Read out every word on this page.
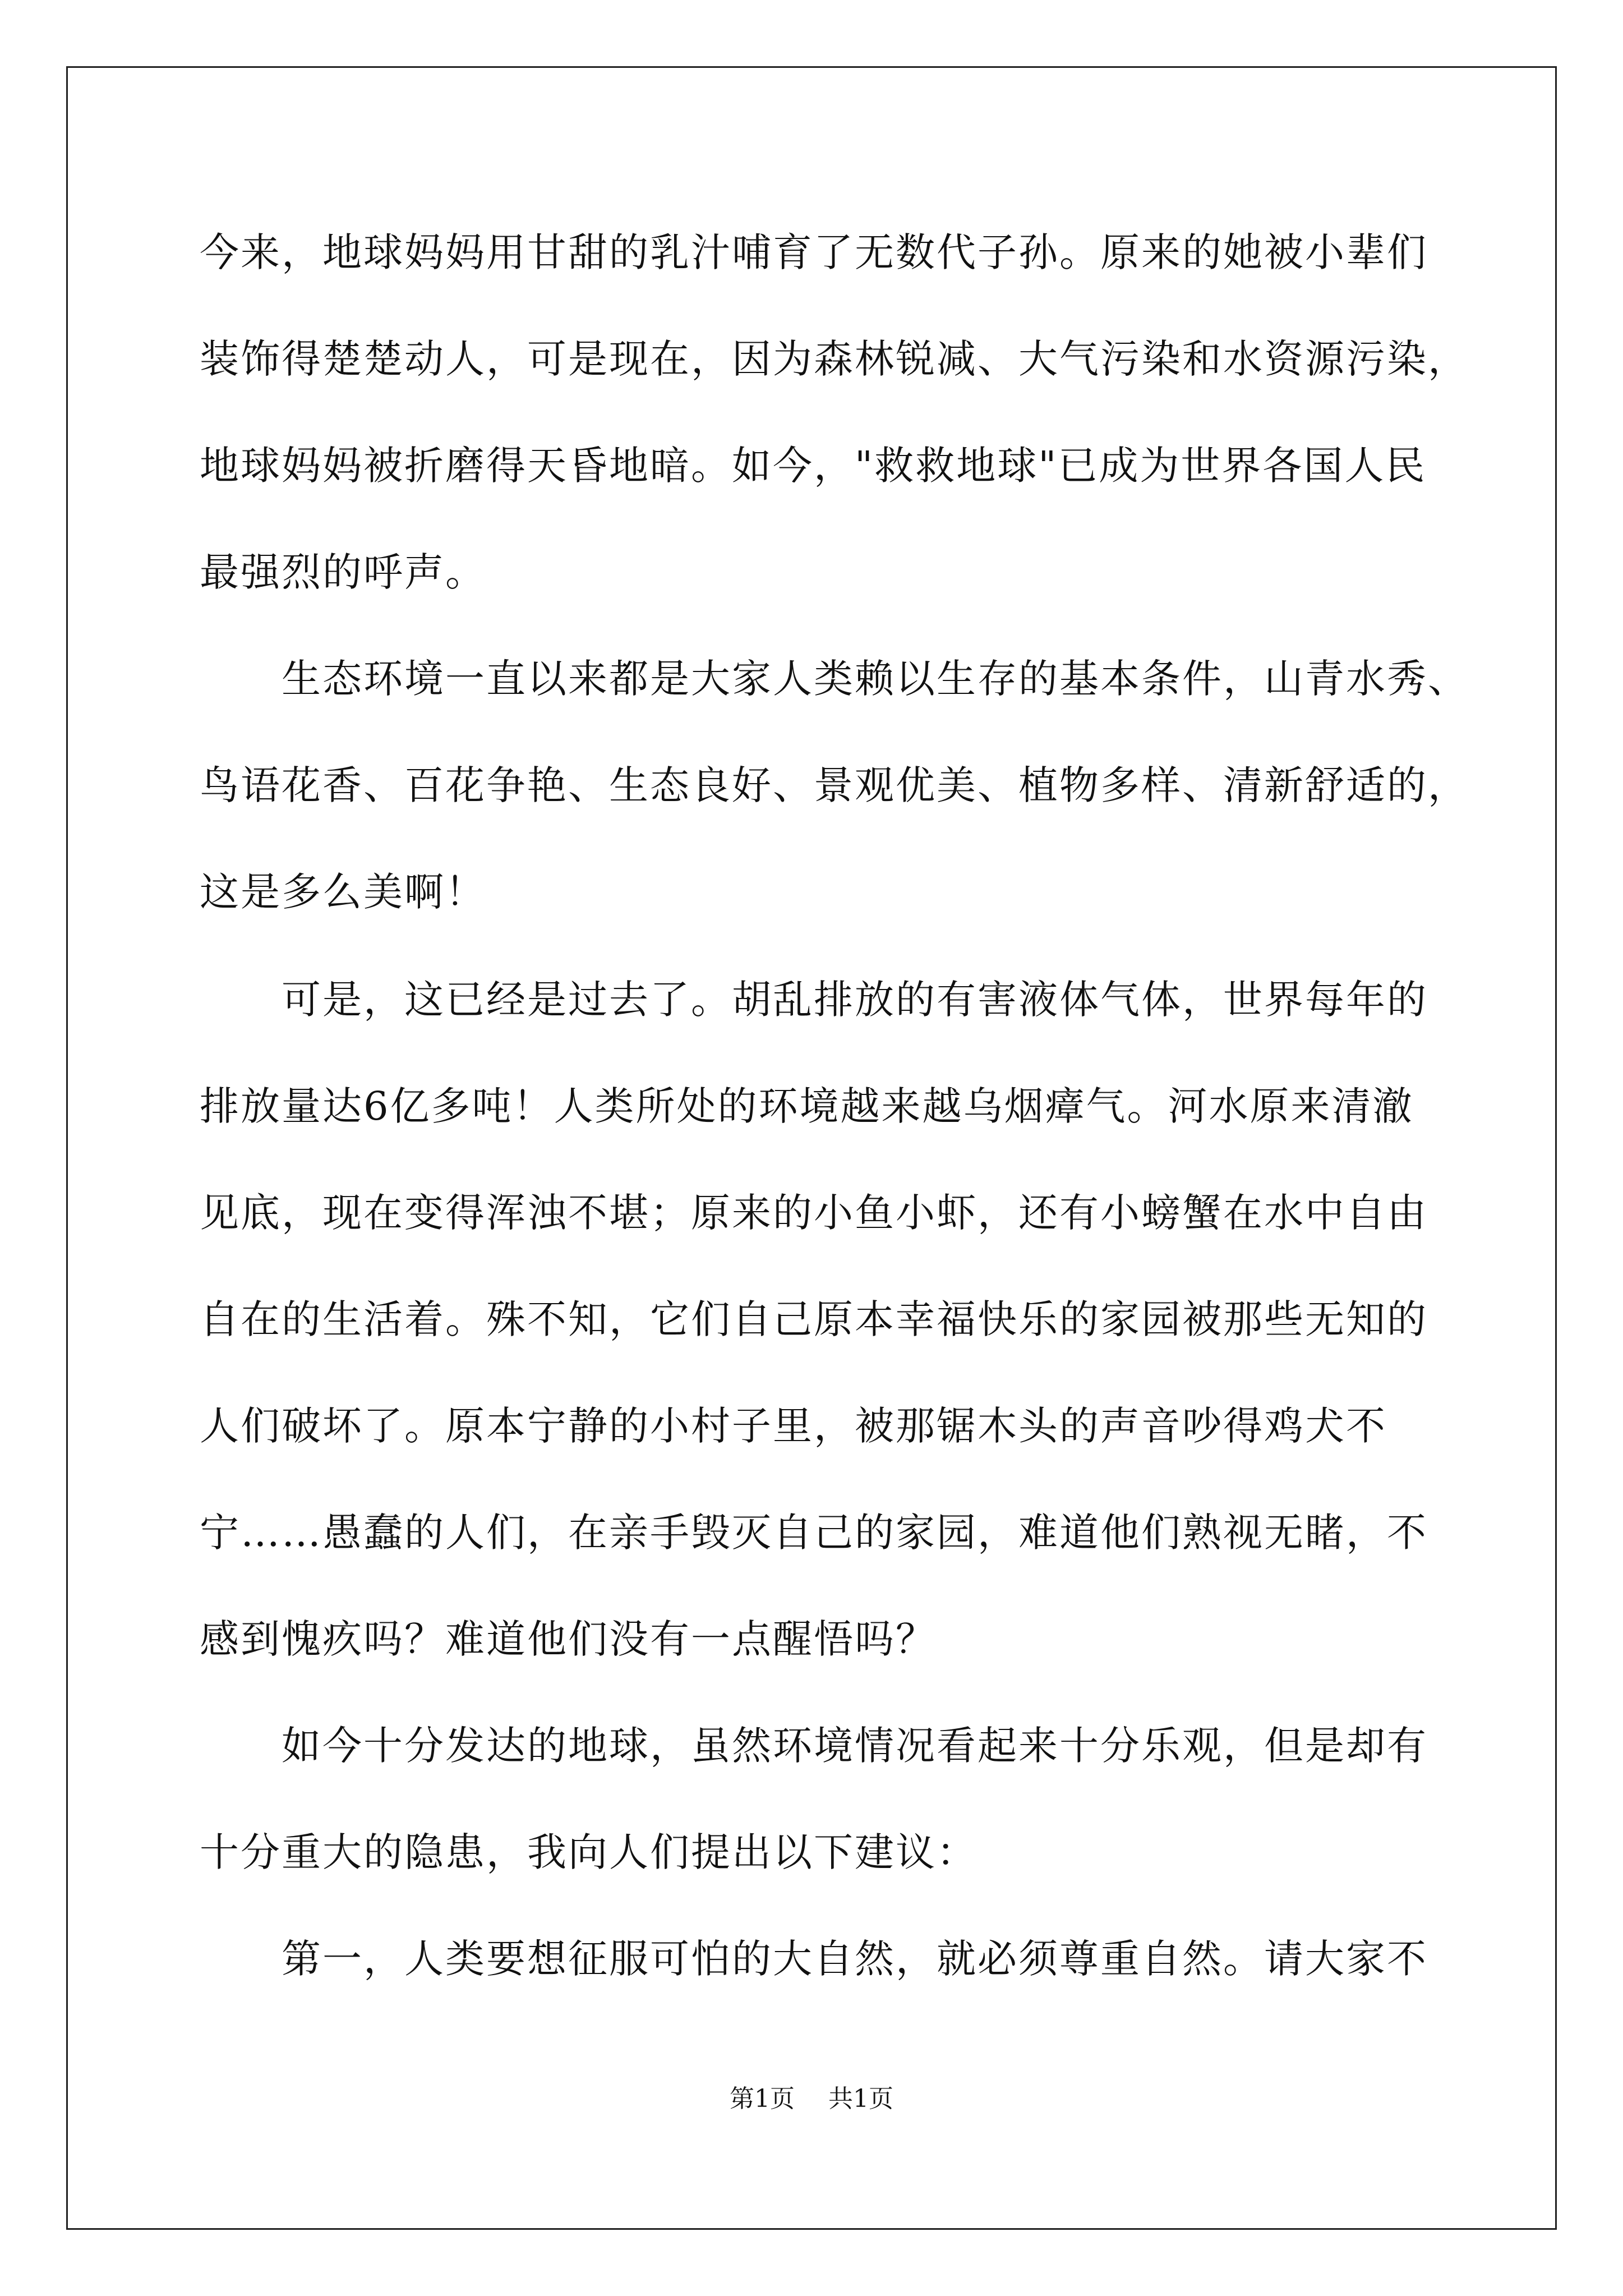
今来，地球妈妈用甘甜的乳汁哺育了无数代子孙。原来的她被小辈们
装饰得楚楚动人，可是现在，因为森林锐减、大气污染和水资源污染，
地球妈妈被折磨得天昏地暗。如今，"救救地球"已成为世界各国人民
最强烈的呼声。
生态环境一直以来都是大家人类赖以生存的基本条件，山青水秀、
鸟语花香、百花争艳、生态良好、景观优美、植物多样、清新舒适的，
这是多么美啊！
可是，这已经是过去了。胡乱排放的有害液体气体，世界每年的
排放量达6亿多吨！人类所处的环境越来越乌烟瘴气。河水原来清澈
见底，现在变得浑浊不堪；原来的小鱼小虾，还有小螃蟹在水中自由
自在的生活着。殊不知，它们自己原本幸福快乐的家园被那些无知的
人们破坏了。原本宁静的小村子里，被那锯木头的声音吵得鸡犬不
宁……愚蠢的人们，在亲手毁灭自己的家园，难道他们熟视无睹，不
感到愧疚吗？难道他们没有一点醒悟吗？
如今十分发达的地球，虽然环境情况看起来十分乐观，但是却有
十分重大的隐患，我向人们提出以下建议：
第一，人类要想征服可怕的大自然，就必须尊重自然。请大家不
第1页 共1页
